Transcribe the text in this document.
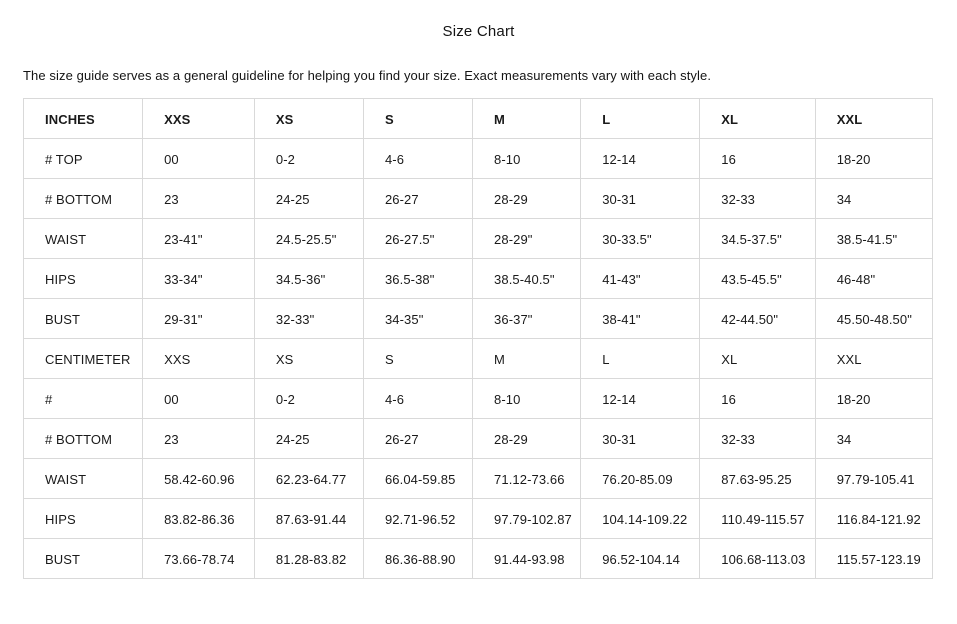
Size Chart

The size guide serves as a general guideline for helping you find your size. Exact measurements vary with each style.

INCHES	XXS	XS	S	M	L	XL	XXL
# TOP	00	0-2	4-6	8-10	12-14	16	18-20
# BOTTOM	23	24-25	26-27	28-29	30-31	32-33	34
WAIST	23-41"	24.5-25.5"	26-27.5"	28-29"	30-33.5"	34.5-37.5"	38.5-41.5"
HIPS	33-34"	34.5-36"	36.5-38"	38.5-40.5"	41-43"	43.5-45.5"	46-48"
BUST	29-31"	32-33"	34-35"	36-37"	38-41"	42-44.50"	45.50-48.50"
CENTIMETER	XXS	XS	S	M	L	XL	XXL
#	00	0-2	4-6	8-10	12-14	16	18-20
# BOTTOM	23	24-25	26-27	28-29	30-31	32-33	34
WAIST	58.42-60.96	62.23-64.77	66.04-59.85	71.12-73.66	76.20-85.09	87.63-95.25	97.79-105.41
HIPS	83.82-86.36	87.63-91.44	92.71-96.52	97.79-102.87	104.14-109.22	110.49-115.57	116.84-121.92
BUST	73.66-78.74	81.28-83.82	86.36-88.90	91.44-93.98	96.52-104.14	106.68-113.03	115.57-123.19
